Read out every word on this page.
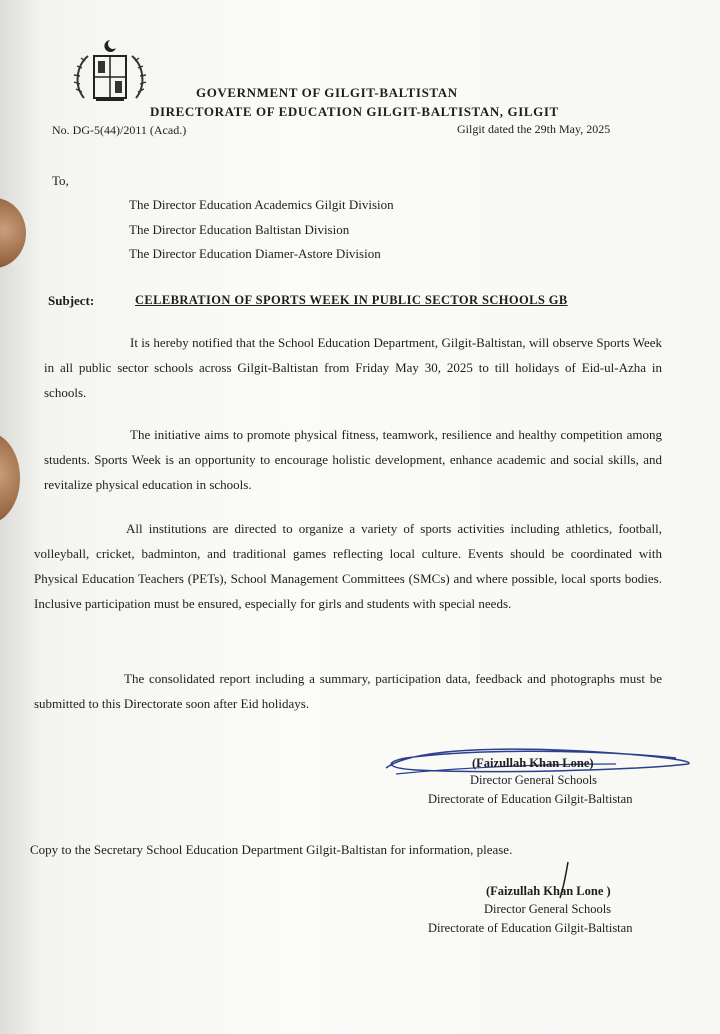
GOVERNMENT OF GILGIT-BALTISTAN
DIRECTORATE OF EDUCATION GILGIT-BALTISTAN, GILGIT
No. DG-5(44)/2011 (Acad.)	Gilgit dated the 29th May, 2025
To,
The Director Education Academics Gilgit Division
The Director Education Baltistan Division
The Director Education Diamer-Astore Division
Subject:	CELEBRATION OF SPORTS WEEK IN PUBLIC SECTOR SCHOOLS GB

It is hereby notified that the School Education Department, Gilgit-Baltistan, will observe Sports Week in all public sector schools across Gilgit-Baltistan from Friday May 30, 2025 to till holidays of Eid-ul-Azha in schools.

The initiative aims to promote physical fitness, teamwork, resilience and healthy competition among students. Sports Week is an opportunity to encourage holistic development, enhance academic and social skills, and revitalize physical education in schools.

All institutions are directed to organize a variety of sports activities including athletics, football, volleyball, cricket, badminton, and traditional games reflecting local culture. Events should be coordinated with Physical Education Teachers (PETs), School Management Committees (SMCs) and where possible, local sports bodies. Inclusive participation must be ensured, especially for girls and students with special needs.

The consolidated report including a summary, participation data, feedback and photographs must be submitted to this Directorate soon after Eid holidays.

(Faizullah Khan Lone)
Director General Schools
Directorate of Education Gilgit-Baltistan
Copy to the Secretary School Education Department Gilgit-Baltistan for information, please.
(Faizullah Khan Lone )
Director General Schools
Directorate of Education Gilgit-Baltistan
